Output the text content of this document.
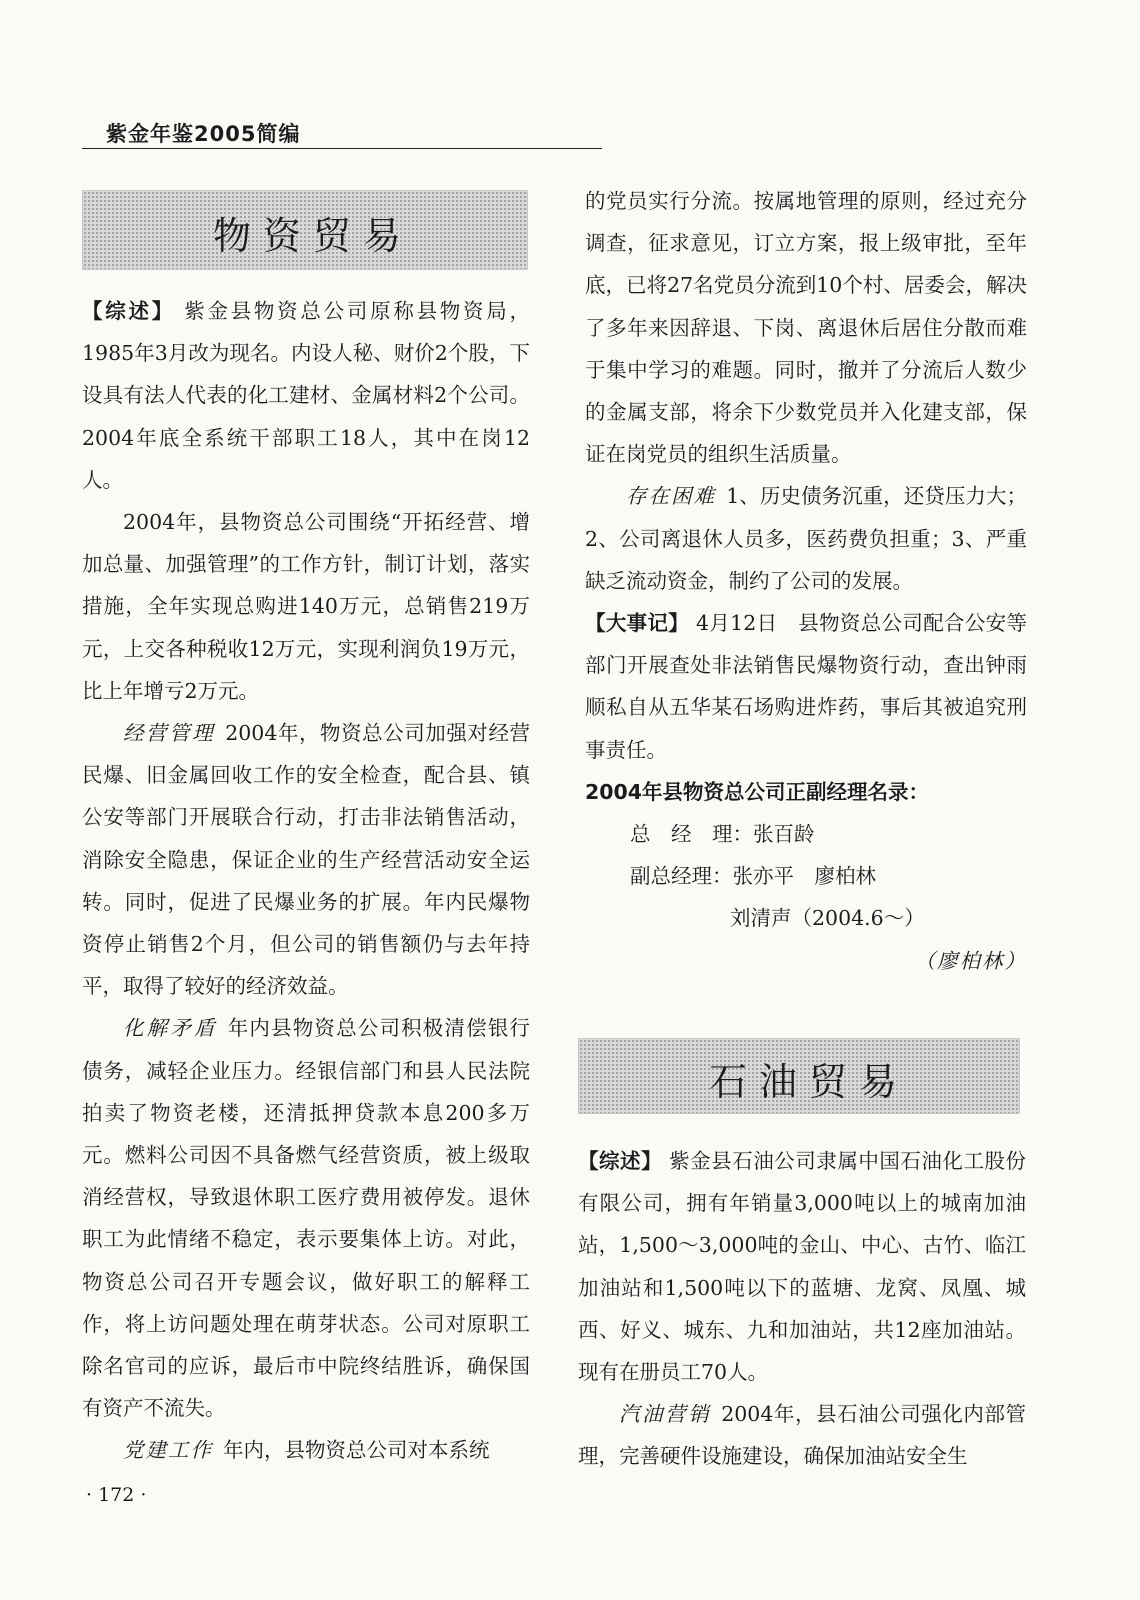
紫金年鉴2005简编
物资贸易

【综述】 紫金县物资总公司原称县物资局，1985年3月改为现名。内设人秘、财价2个股，下设具有法人代表的化工建材、金属材料2个公司。2004年底全系统干部职工18人，其中在岗12人。

2004年，县物资总公司围绕“开拓经营、增加总量、加强管理”的工作方针，制订计划，落实措施，全年实现总购进140万元，总销售219万元，上交各种税收12万元，实现利润负19万元，比上年增亏2万元。

经营管理 2004年，物资总公司加强对经营民爆、旧金属回收工作的安全检查，配合县、镇公安等部门开展联合行动，打击非法销售活动，消除安全隐患，保证企业的生产经营活动安全运转。同时，促进了民爆业务的扩展。年内民爆物资停止销售2个月，但公司的销售额仍与去年持平，取得了较好的经济效益。

化解矛盾 年内县物资总公司积极清偿银行债务，减轻企业压力。经银信部门和县人民法院拍卖了物资老楼，还清抵押贷款本息200多万元。燃料公司因不具备燃气经营资质，被上级取消经营权，导致退休职工医疗费用被停发。退休职工为此情绪不稳定，表示要集体上访。对此，物资总公司召开专题会议，做好职工的解释工作，将上访问题处理在萌芽状态。公司对原职工除名官司的应诉，最后市中院终结胜诉，确保国有资产不流失。

党建工作 年内，县物资总公司对本系统

的党员实行分流。按属地管理的原则，经过充分调查，征求意见，订立方案，报上级审批，至年底，已将27名党员分流到10个村、居委会，解决了多年来因辞退、下岗、离退休后居住分散而难于集中学习的难题。同时，撤并了分流后人数少的金属支部，将余下少数党员并入化建支部，保证在岗党员的组织生活质量。

存在困难 1、历史债务沉重，还贷压力大；2、公司离退休人员多，医药费负担重；3、严重缺乏流动资金，制约了公司的发展。

【大事记】 4月12日　县物资总公司配合公安等部门开展查处非法销售民爆物资行动，查出钟雨顺私自从五华某石场购进炸药，事后其被追究刑事责任。

2004年县物资总公司正副经理名录：

总　经　理：张百龄

副总经理：张亦平　廖柏林

刘清声（2004.6～）

（廖柏林）

石油贸易

【综述】 紫金县石油公司隶属中国石油化工股份有限公司，拥有年销量3,000吨以上的城南加油站，1,500～3,000吨的金山、中心、古竹、临江加油站和1,500吨以下的蓝塘、龙窝、凤凰、城西、好义、城东、九和加油站，共12座加油站。现有在册员工70人。

汽油营销 2004年，县石油公司强化内部管理，完善硬件设施建设，确保加油站安全生

· 172 ·
